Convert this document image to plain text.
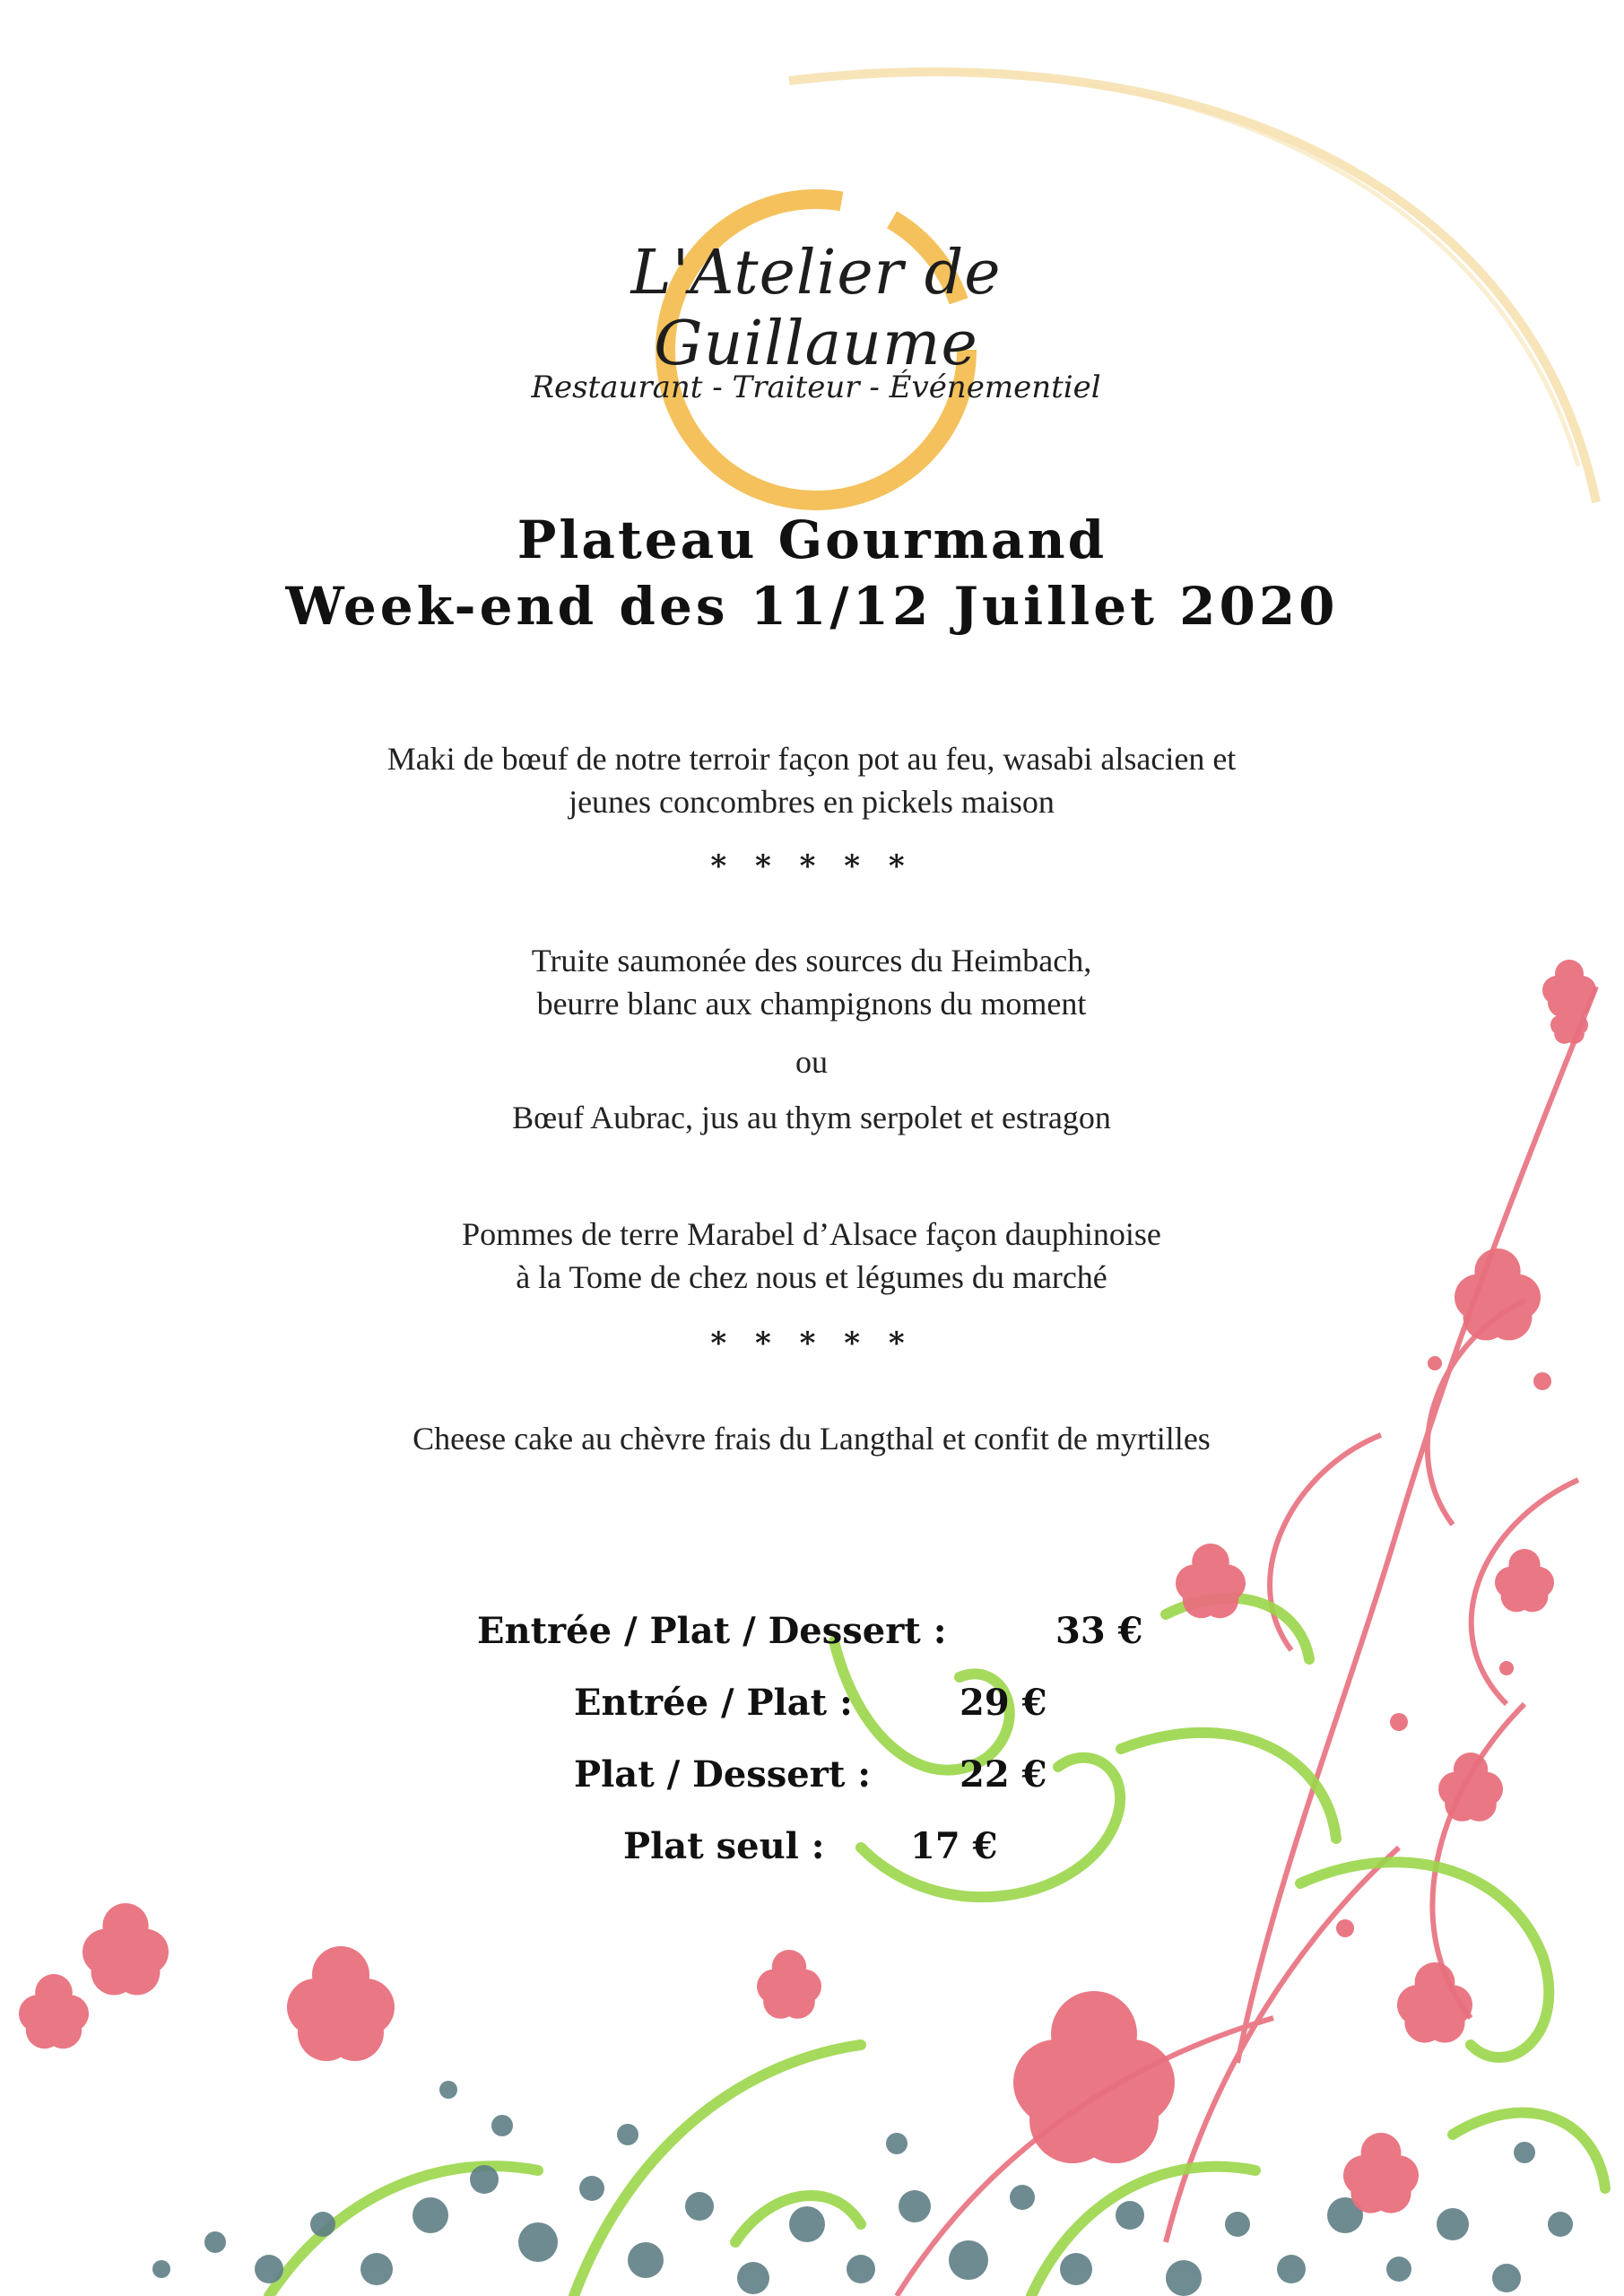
L'Atelier de Guillaume
Restaurant - Traiteur - Événementiel
Plateau Gourmand
Week-end des 11/12 Juillet 2020
Maki de bœuf de notre terroir façon pot au feu, wasabi alsacien et
jeunes concombres en pickels maison
* * * * *
Truite saumonée des sources du Heimbach,
beurre blanc aux champignons du moment
ou
Bœuf Aubrac, jus au thym serpolet et estragon
Pommes de terre Marabel d’Alsace façon dauphinoise
à la Tome de chez nous et légumes du marché
* * * * *
Cheese cake au chèvre frais du Langthal et confit de myrtilles
Entrée / Plat / Dessert :	33 €
Entrée / Plat :	29 €
Plat / Dessert : 22 €
Plat seul : 17 €
